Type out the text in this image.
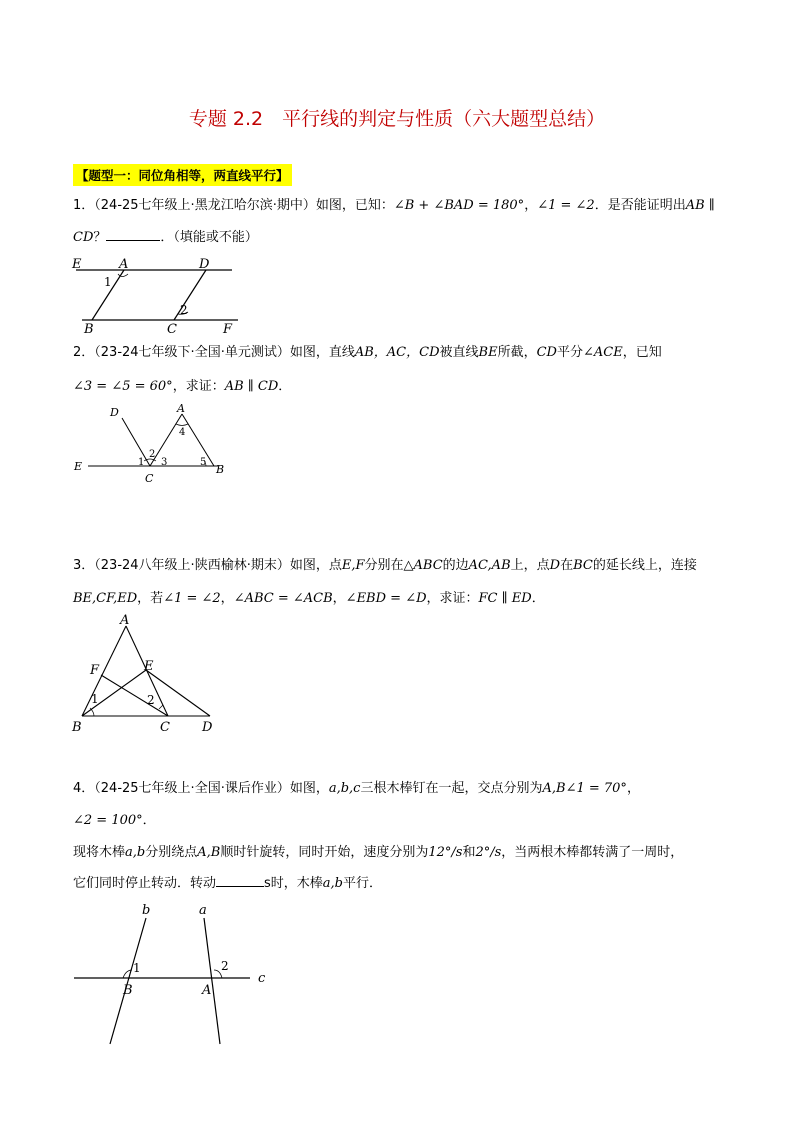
专题 2.2　平行线的判定与性质（六大题型总结）
【题型一：同位角相等，两直线平行】
1．（24-25七年级上·黑龙江哈尔滨·期中）如图，已知：∠B + ∠BAD = 180°，∠1 = ∠2．是否能证明出AB ∥
CD？	．（填能或不能）
E	A	D
1
2
B	C	F
2．（23-24七年级下·全国·单元测试）如图，直线AB，AC，CD被直线BE所截，CD平分∠ACE，已知
∠3 = ∠5 = 60°，求证：AB ∥ CD．
D	A
4
2
1 3	5
E
C
B
3．（23-24八年级上·陕西榆林·期末）如图，点E,F分别在△ABC的边AC,AB上，点D在BC的延长线上，连接
BE,CF,ED，若∠1 = ∠2，∠ABC = ∠ACB，∠EBD = ∠D，求证：FC ∥ ED．
A
F	E
1	2
B	C D
4．（24-25七年级上·全国·课后作业）如图，a,b,c三根木棒钉在一起，交点分别为A,B∠1 = 70°，
∠2 = 100°．
现将木棒a,b分别绕点A,B顺时针旋转，同时开始，速度分别为12°/s和2°/s，当两根木棒都转满了一周时，
它们同时停止转动．转动	s时，木棒a,b平行．
b	a
1	2
c
B	A
